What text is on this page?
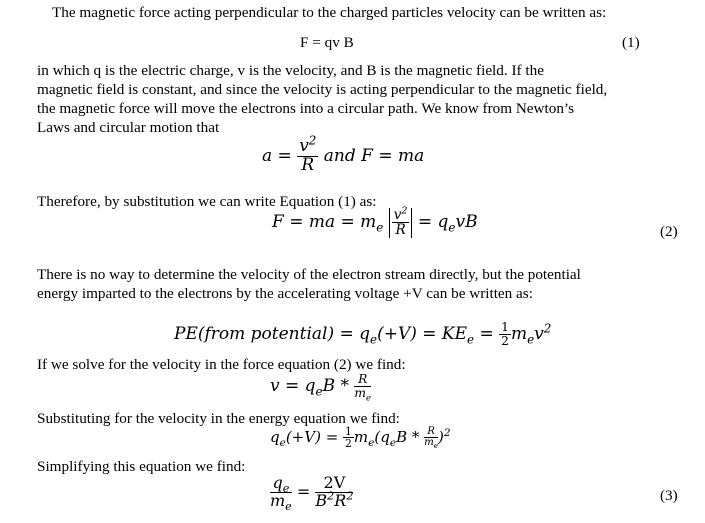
The magnetic force acting perpendicular to the charged particles velocity can be written as:
F = qv B	(1)
in which q is the electric charge, v is the velocity, and B is the magnetic field. If the
magnetic field is constant, and since the velocity is acting perpendicular to the magnetic field,
the magnetic force will move the electrons into a circular path. We know from Newton’s
Laws and circular motion that
$a = \frac{v^2}{R}$ and F = ma
Therefore, by substitution we can write Equation (1) as:
F = ma = $m_e \frac{v^2}{R} = q_evB$	(2)
There is no way to determine the velocity of the electron stream directly, but the potential
energy imparted to the electrons by the accelerating voltage +V can be written as:
PE(from potential) = $q_e(+V) = KE_e = \frac{1}{2} m_ev^2$
If we solve for the velocity in the force equation (2) we find:
$v = q_eB * \frac{R}{m_e}$
Substituting for the velocity in the energy equation we find:
$q_e(+V) = \frac{1}{2} m_e(q_eB * \frac{R}{m_e} )^2$
Simplifying this equation we find:
$\frac{q_e}{m_e} = \frac{2V}{B^2R^2}$	(3)
